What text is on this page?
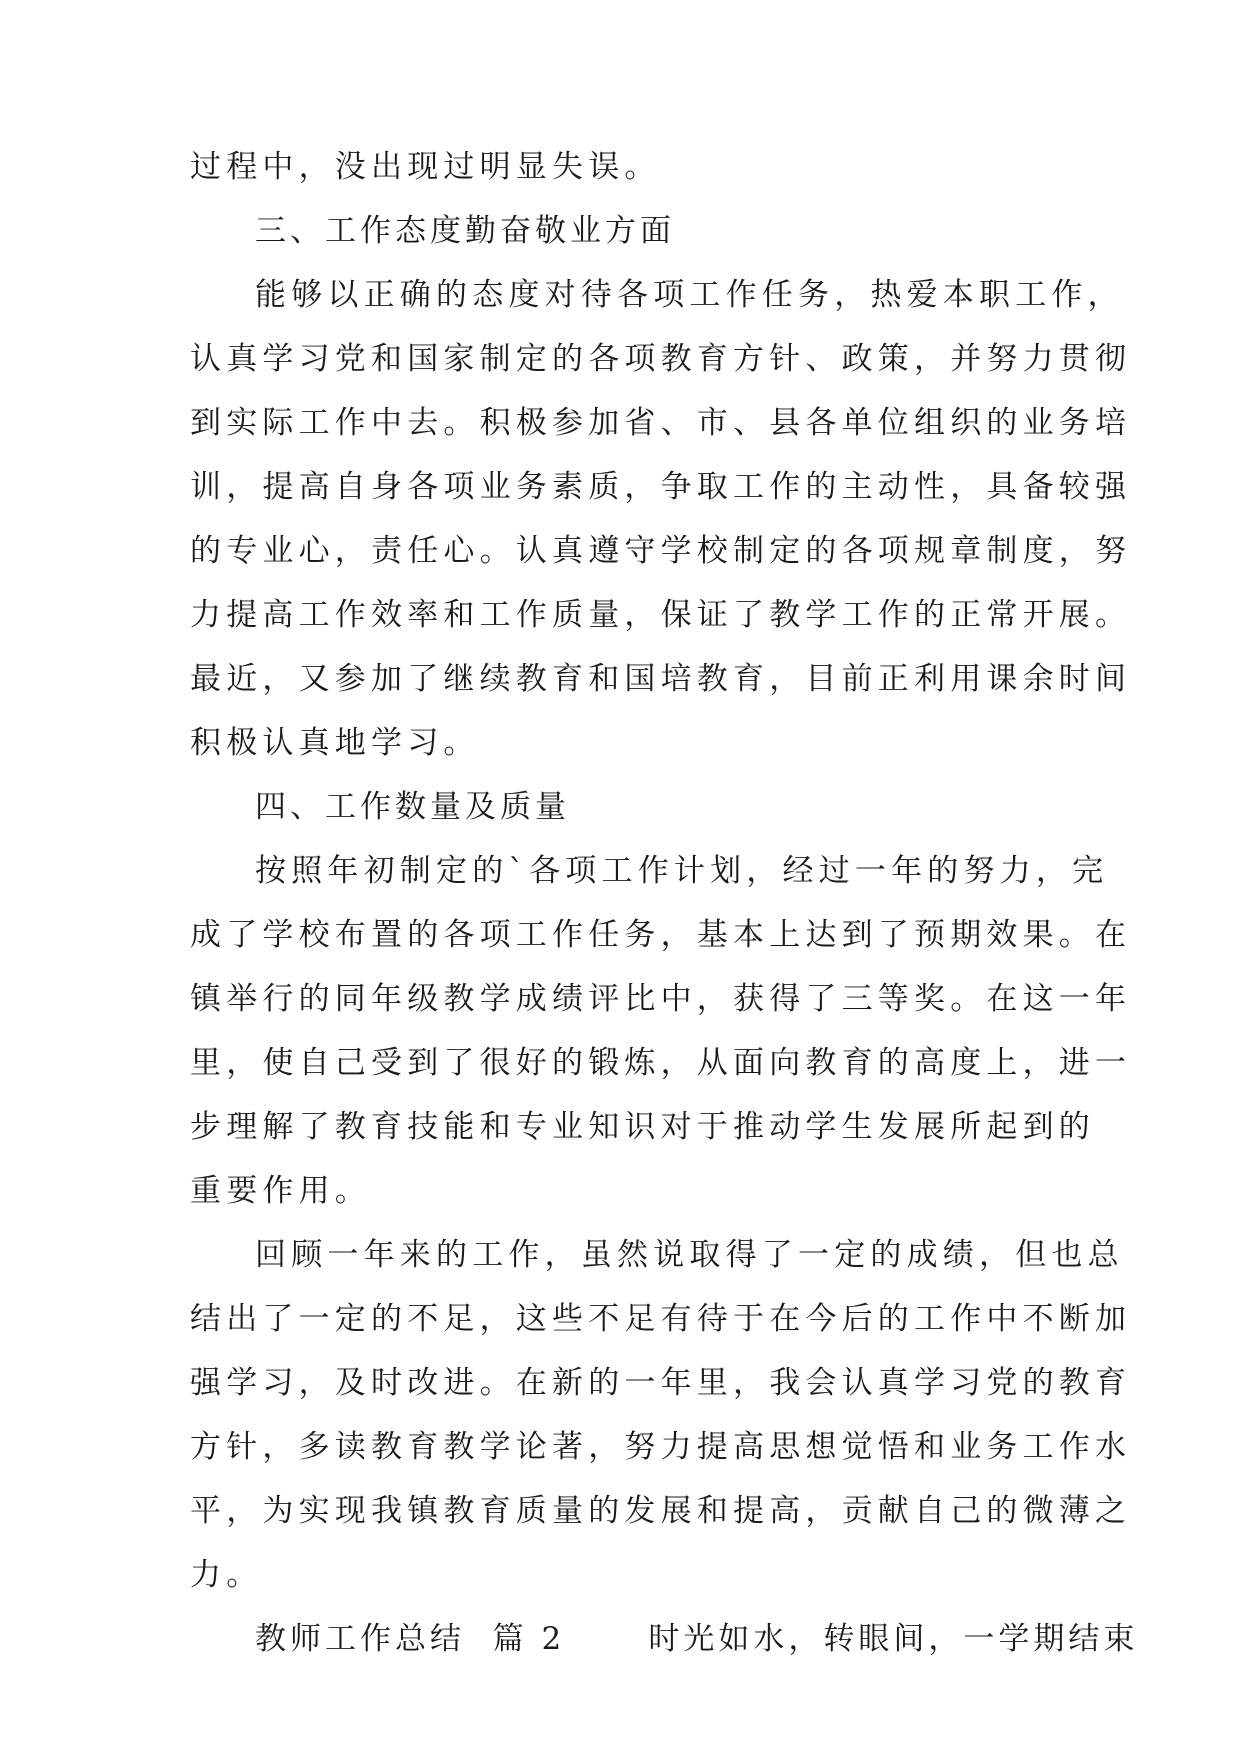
过程中，没出现过明显失误。
三、工作态度勤奋敬业方面
能够以正确的态度对待各项工作任务，热爱本职工作，
认真学习党和国家制定的各项教育方针、政策，并努力贯彻
到实际工作中去。积极参加省、市、县各单位组织的业务培
训，提高自身各项业务素质，争取工作的主动性，具备较强
的专业心，责任心。认真遵守学校制定的各项规章制度，努
力提高工作效率和工作质量，保证了教学工作的正常开展。
最近，又参加了继续教育和国培教育，目前正利用课余时间
积极认真地学习。
四、工作数量及质量
按照年初制定的`各项工作计划，经过一年的努力，完
成了学校布置的各项工作任务，基本上达到了预期效果。在
镇举行的同年级教学成绩评比中，获得了三等奖。在这一年
里，使自己受到了很好的锻炼，从面向教育的高度上，进一
步理解了教育技能和专业知识对于推动学生发展所起到的
重要作用。
回顾一年来的工作，虽然说取得了一定的成绩，但也总
结出了一定的不足，这些不足有待于在今后的工作中不断加
强学习，及时改进。在新的一年里，我会认真学习党的教育
方针，多读教育教学论著，努力提高思想觉悟和业务工作水
平，为实现我镇教育质量的发展和提高，贡献自己的微薄之
力。
教师工作总结  篇 2      时光如水，转眼间，一学期结束
